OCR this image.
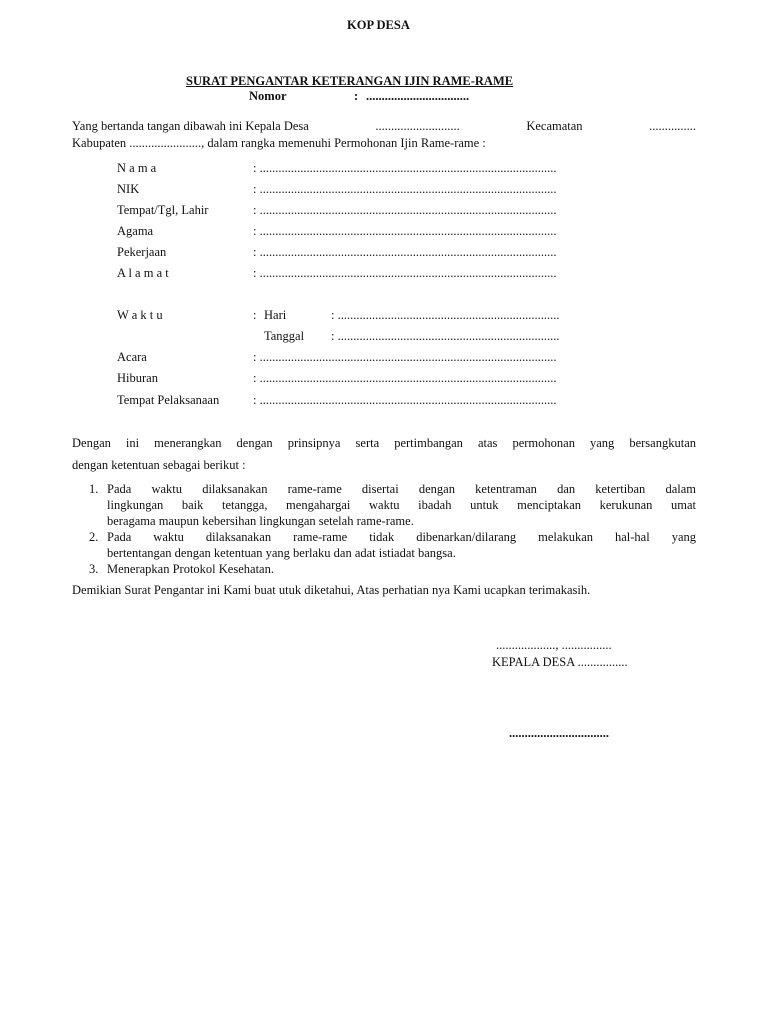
KOP DESA
SURAT PENGANTAR KETERANGAN IJIN RAME-RAME
Nomor	: .................................
Yang bertanda tangan dibawah ini Kepala Desa	...........................	Kecamatan	...............
Kabupaten ......................., dalam rangka memenuhi Permohonan Ijin Rame-rame :
N a m a	: ...............................................................................................
NIK	: ...............................................................................................
Tempat/Tgl, Lahir	: ...............................................................................................
Agama	: ...............................................................................................
Pekerjaan	: ...............................................................................................
A l a m a t	: ...............................................................................................
W a k t u	: Hari	: .......................................................................
Tanggal : .......................................................................
Acara	: ...............................................................................................
Hiburan	: ...............................................................................................
Tempat Pelaksanaan	: ...............................................................................................
Dengan ini menerangkan dengan prinsipnya serta pertimbangan atas permohonan yang bersangkutan
dengan ketentuan sebagai berikut :
1. Pada waktu dilaksanakan rame-rame disertai dengan ketentraman dan ketertiban dalam
lingkungan baik tetangga, mengahargai waktu ibadah untuk menciptakan kerukunan umat
beragama maupun kebersihan lingkungan setelah rame-rame.
2. Pada waktu dilaksanakan rame-rame tidak dibenarkan/dilarang melakukan hal-hal yang
bertentangan dengan ketentuan yang berlaku dan adat istiadat bangsa.
3. Menerapkan Protokol Kesehatan.
Demikian Surat Pengantar ini Kami buat utuk diketahui, Atas perhatian nya Kami ucapkan terimakasih.
..................., ................
KEPALA DESA ................
................................
